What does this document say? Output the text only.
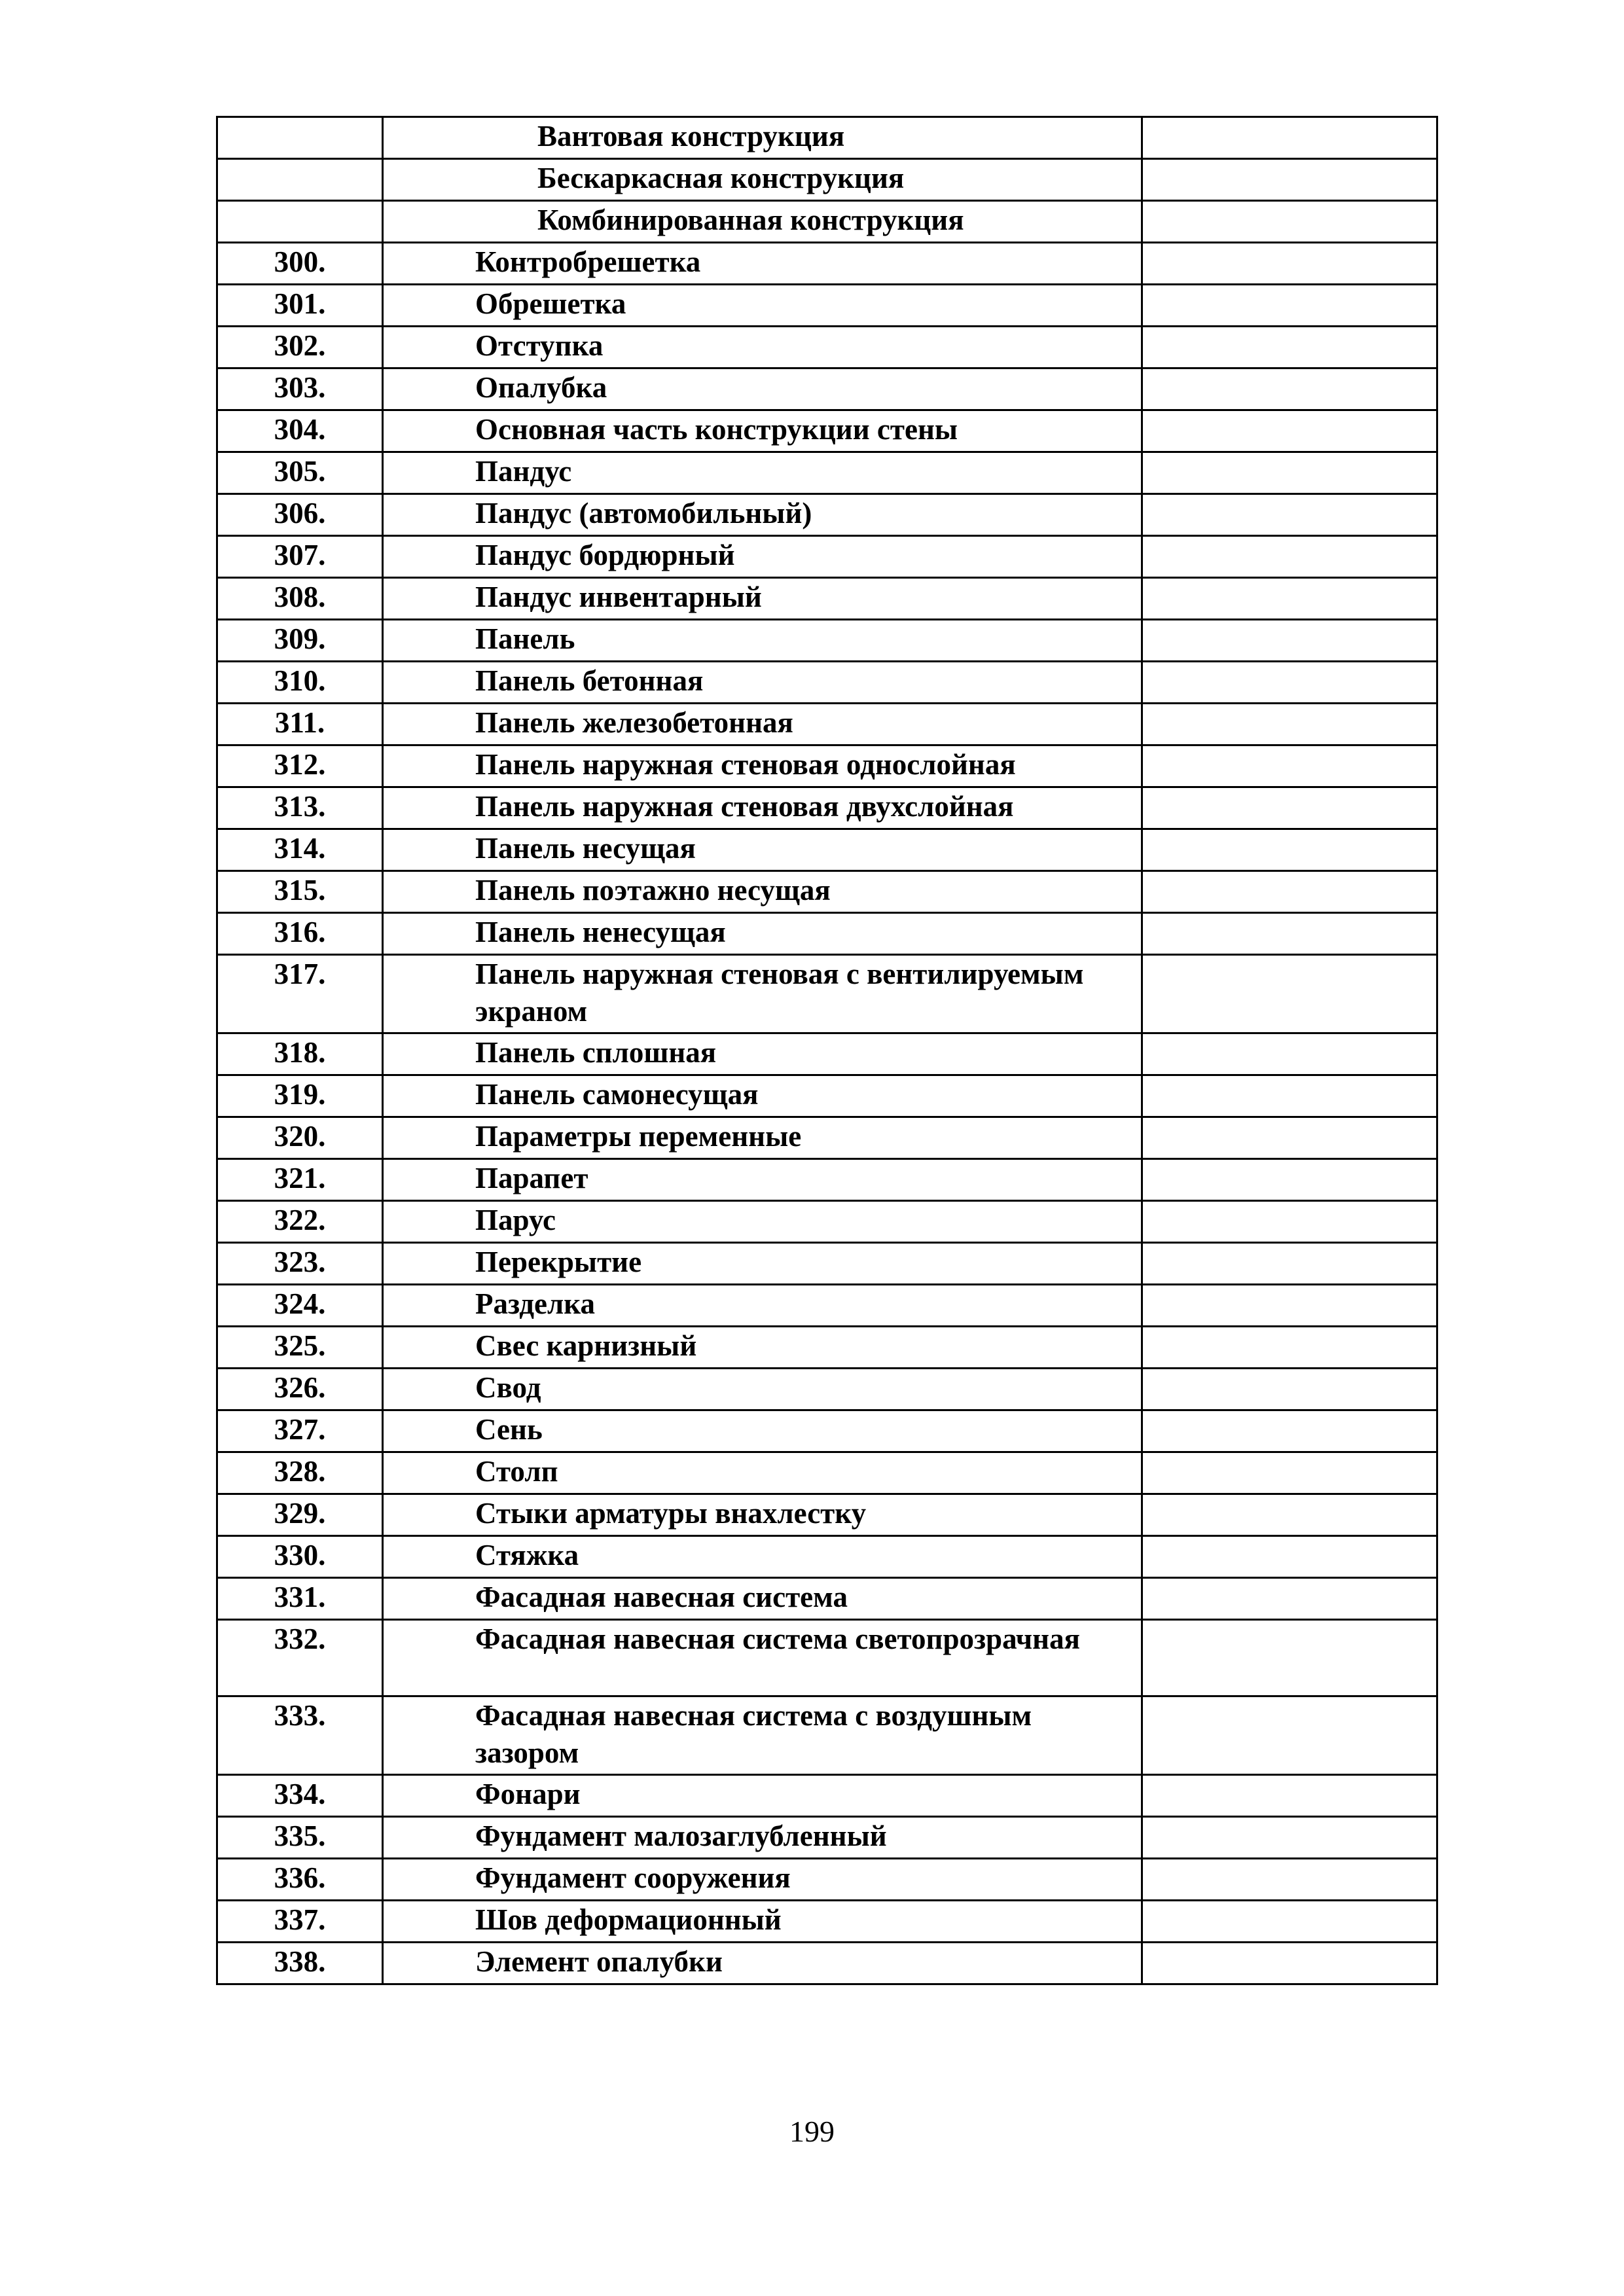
	Вантовая конструкция	
	Бескаркасная конструкция	
	Комбинированная конструкция	
300.	Контробрешетка	
301.	Обрешетка	
302.	Отступка	
303.	Опалубка	
304.	Основная часть конструкции стены	
305.	Пандус	
306.	Пандус (автомобильный)	
307.	Пандус бордюрный	
308.	Пандус инвентарный	
309.	Панель	
310.	Панель бетонная	
311.	Панель железобетонная	
312.	Панель наружная стеновая однослойная	
313.	Панель наружная стеновая двухслойная	
314.	Панель несущая	
315.	Панель поэтажно несущая	
316.	Панель ненесущая	
317.	Панель наружная стеновая с вентилируемым экраном	
318.	Панель сплошная	
319.	Панель самонесущая	
320.	Параметры переменные	
321.	Парапет	
322.	Парус	
323.	Перекрытие	
324.	Разделка	
325.	Свес карнизный	
326.	Свод	
327.	Сень	
328.	Столп	
329.	Стыки арматуры внахлестку	
330.	Стяжка	
331.	Фасадная навесная система	
332.	Фасадная навесная система светопрозрачная	
333.	Фасадная навесная система с воздушным зазором	
334.	Фонари	
335.	Фундамент малозаглубленный	
336.	Фундамент сооружения	
337.	Шов деформационный	
338.	Элемент опалубки	
199
